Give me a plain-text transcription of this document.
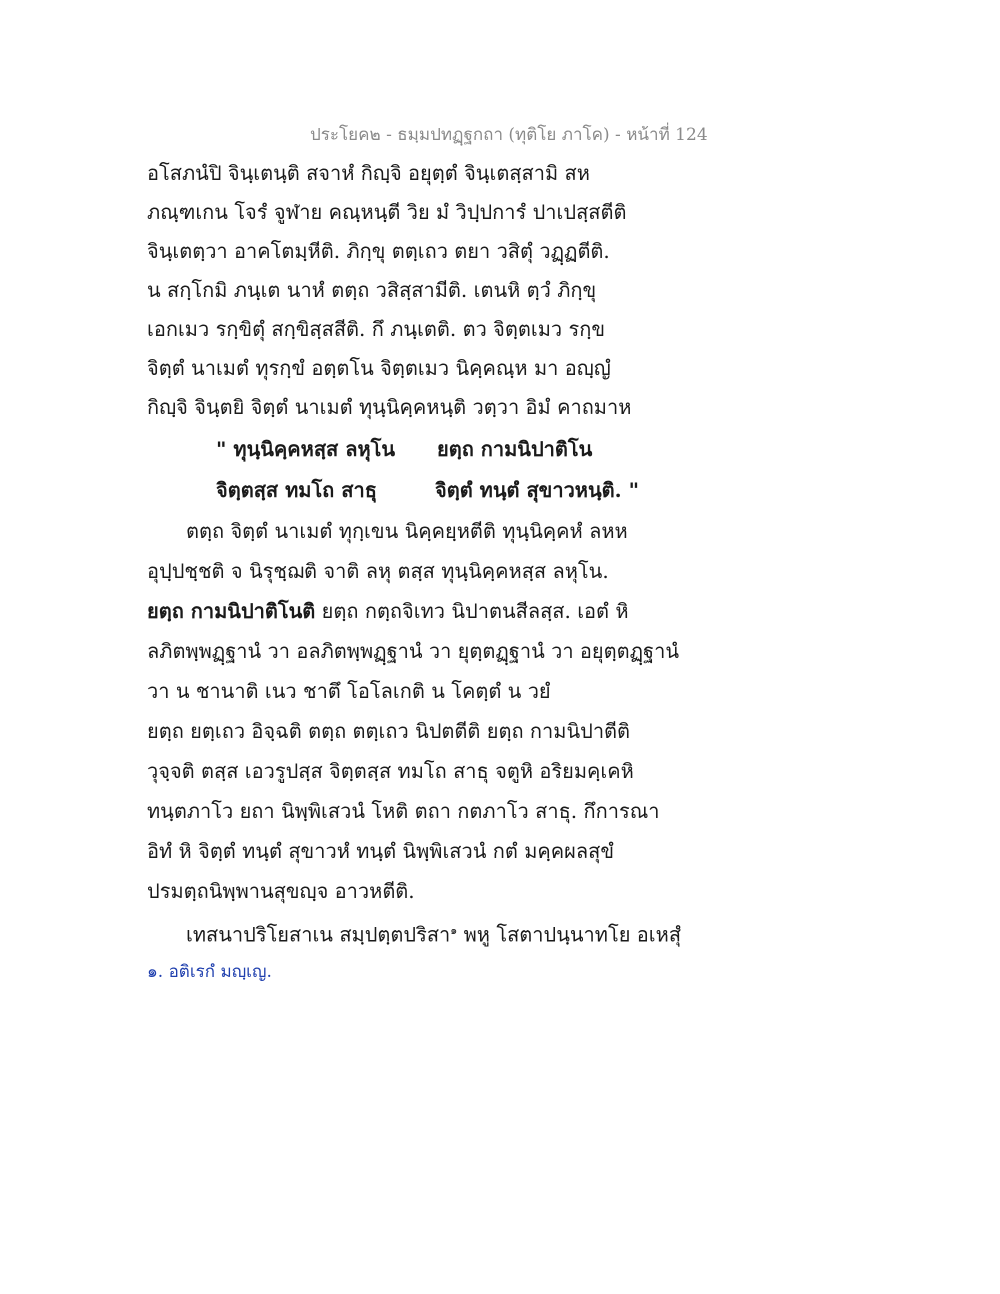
ประโยค๒ - ธมฺมปทฏฺฐกถา (ทุติโย ภาโค) - หน้าที่ 124
อโสภนํปิ จินฺเตนฺติ สจาหํ กิญฺจิ อยุตฺตํ จินฺเตสฺสามิ สห
ภณฺฑเกน โจรํ จูฬาย คณฺหนฺตี วิย มํ วิปฺปการํ ปาเปสฺสตีติ
จินฺเตตฺวา อาคโตมฺหีติ. ภิกฺขุ ตตฺเถว ตยา วสิตุํ วฏฺฏตีติ.
น สกฺโกมิ ภนฺเต นาหํ ตตฺถ วสิสฺสามีติ. เตนหิ ตฺวํ ภิกฺขุ
เอกเมว รกฺขิตุํ สกฺขิสฺสสีติ. กึ ภนฺเตติ. ตว จิตฺตเมว รกฺข
จิตฺตํ นาเมตํ ทุรกฺขํ อตฺตโน จิตฺตเมว นิคฺคณฺห มา อญฺญํ
กิญฺจิ จินฺตยิ จิตฺตํ นาเมตํ ทุนฺนิคฺคหนฺติ วตฺวา อิมํ คาถมาห
" ทุนฺนิคฺคหสฺส ลหุโน ยตฺถ กามนิปาติโน
จิตฺตสฺส ทมโถ สาธุ	จิตฺตํ ทนฺตํ สุขาวหนฺติ. "
ตตฺถ จิตฺตํ นาเมตํ ทุกฺเขน นิคฺคยฺหตีติ ทุนฺนิคฺคหํ ลหห
อุปฺปชฺชติ จ นิรุชฺฌติ จาติ ลหุ ตสฺส ทุนฺนิคฺคหสฺส ลหุโน.
ยตฺถ กามนิปาติโนติ ยตฺถ กตฺถจิเทว นิปาตนสีลสฺส. เอตํ หิ
ลภิตพฺพฏฺฐานํ วา อลภิตพฺพฏฺฐานํ วา ยุตฺตฏฺฐานํ วา อยุตฺตฏฺฐานํ
วา น ชานาติ เนว ชาตึ โอโลเกติ น โคตฺตํ น วยํ
ยตฺถ ยตฺเถว อิจฺฉติ ตตฺถ ตตฺเถว นิปตตีติ ยตฺถ กามนิปาตีติ
วุจฺจติ ตสฺส เอวรูปสฺส จิตฺตสฺส ทมโถ สาธุ จตูหิ อริยมคฺเคหิ
ทนฺตภาโว ยถา นิพฺพิเสวนํ โหติ ตถา กตภาโว สาธุ. กึการณา
อิทํ หิ จิตฺตํ ทนฺตํ สุขาวหํ ทนฺตํ นิพฺพิเสวนํ กตํ มคฺคผลสุขํ
ปรมตฺถนิพฺพานสุขญฺจ อาวหตีติ.
เทสนาปริโยสาเน สมฺปตฺตปริสา$^๑$ พหู โสตาปนฺนาทโย อเหสุํ
๑. อติเรกํ มญฺเญ.
